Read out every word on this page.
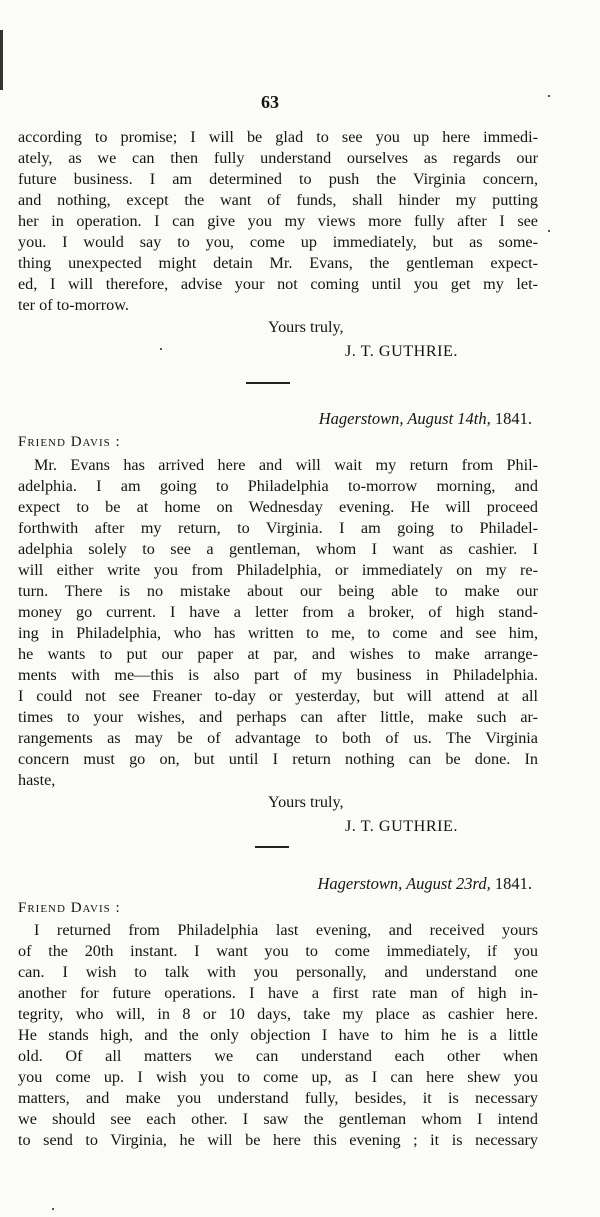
63

according to promise; I will be glad to see you up here immedi-

ately, as we can then fully understand ourselves as regards our

future business. I am determined to push the Virginia concern,

and nothing, except the want of funds, shall hinder my putting

her in operation. I can give you my views more fully after I see

you. I would say to you, come up immediately, but as some-

thing unexpected might detain Mr. Evans, the gentleman expect-

ed, I will therefore, advise your not coming until you get my let-

ter of to-morrow.

Yours truly,
J. T. GUTHRIE.
Hagerstown, August 14th, 1841.
Friend Davis :

Mr. Evans has arrived here and will wait my return from Phil-

adelphia. I am going to Philadelphia to-morrow morning, and

expect to be at home on Wednesday evening. He will proceed

forthwith after my return, to Virginia. I am going to Philadel-

adelphia solely to see a gentleman, whom I want as cashier. I

will either write you from Philadelphia, or immediately on my re-

turn. There is no mistake about our being able to make our

money go current. I have a letter from a broker, of high stand-

ing in Philadelphia, who has written to me, to come and see him,

he wants to put our paper at par, and wishes to make arrange-

ments with me—this is also part of my business in Philadelphia.

I could not see Freaner to-day or yesterday, but will attend at all

times to your wishes, and perhaps can after little, make such ar-

rangements as may be of advantage to both of us. The Virginia

concern must go on, but until I return nothing can be done. In

haste,

Yours truly,
J. T. GUTHRIE.
Hagerstown, August 23rd, 1841.
Friend Davis :

I returned from Philadelphia last evening, and received yours

of the 20th instant. I want you to come immediately, if you

can. I wish to talk with you personally, and understand one

another for future operations. I have a first rate man of high in-

tegrity, who will, in 8 or 10 days, take my place as cashier here.

He stands high, and the only objection I have to him he is a little

old. Of all matters we can understand each other when

you come up. I wish you to come up, as I can here shew you

matters, and make you understand fully, besides, it is necessary

we should see each other. I saw the gentleman whom I intend

to send to Virginia, he will be here this evening ; it is necessary
